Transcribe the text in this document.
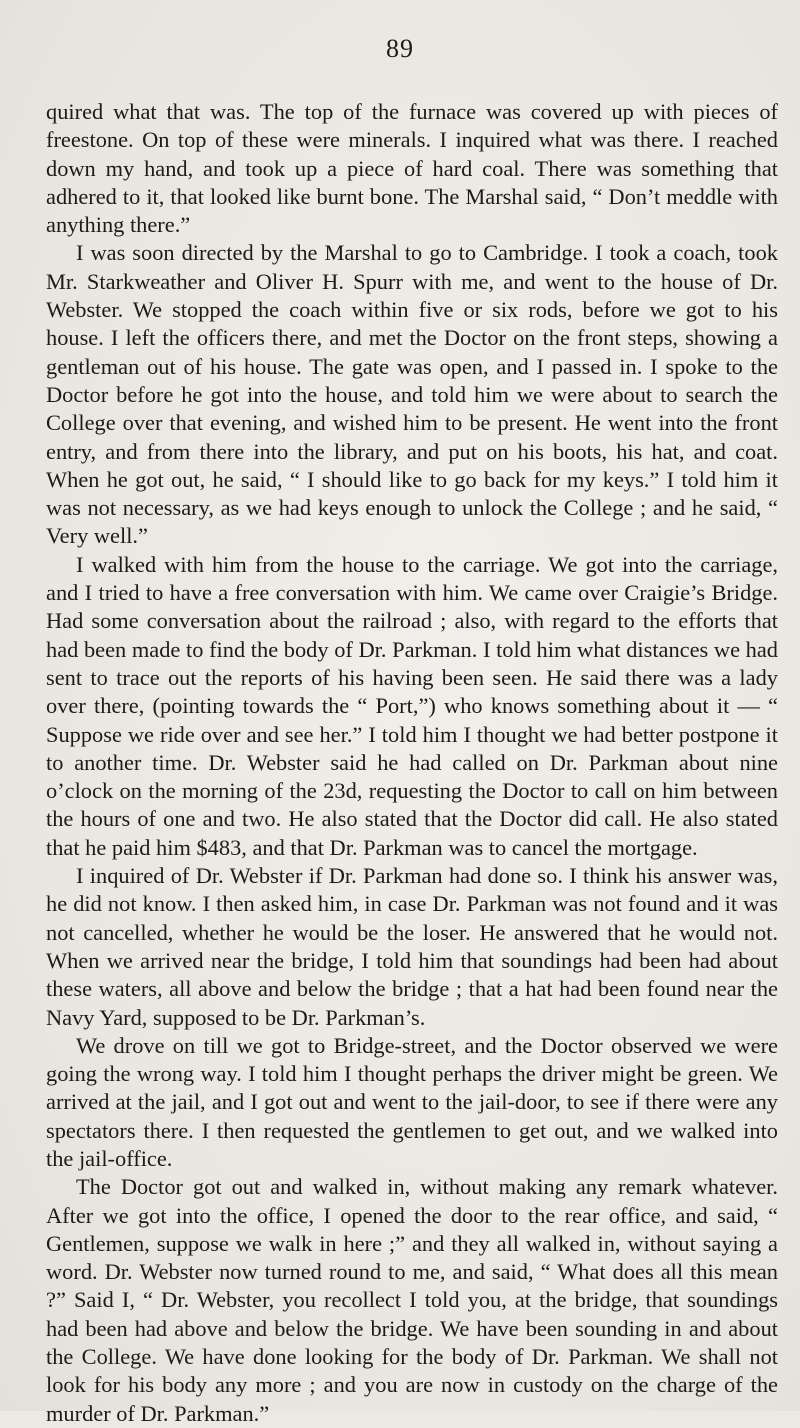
89

quired what that was. The top of the furnace was covered up with pieces of freestone. On top of these were minerals. I inquired what was there. I reached down my hand, and took up a piece of hard coal. There was something that adhered to it, that looked like burnt bone. The Marshal said, “ Don’t meddle with anything there.”

I was soon directed by the Marshal to go to Cambridge. I took a coach, took Mr. Starkweather and Oliver H. Spurr with me, and went to the house of Dr. Webster. We stopped the coach within five or six rods, before we got to his house. I left the officers there, and met the Doctor on the front steps, showing a gentleman out of his house. The gate was open, and I passed in. I spoke to the Doctor before he got into the house, and told him we were about to search the College over that evening, and wished him to be present. He went into the front entry, and from there into the library, and put on his boots, his hat, and coat. When he got out, he said, “ I should like to go back for my keys.” I told him it was not necessary, as we had keys enough to unlock the College ; and he said, “ Very well.”

I walked with him from the house to the carriage. We got into the carriage, and I tried to have a free conversation with him. We came over Craigie’s Bridge. Had some conversation about the railroad ; also, with regard to the efforts that had been made to find the body of Dr. Parkman. I told him what distances we had sent to trace out the reports of his having been seen. He said there was a lady over there, (pointing towards the “ Port,”) who knows something about it — “ Suppose we ride over and see her.” I told him I thought we had better postpone it to another time. Dr. Webster said he had called on Dr. Parkman about nine o’clock on the morning of the 23d, requesting the Doctor to call on him between the hours of one and two. He also stated that the Doctor did call. He also stated that he paid him $483, and that Dr. Parkman was to cancel the mortgage.

I inquired of Dr. Webster if Dr. Parkman had done so. I think his answer was, he did not know. I then asked him, in case Dr. Parkman was not found and it was not cancelled, whether he would be the loser. He answered that he would not. When we arrived near the bridge, I told him that soundings had been had about these waters, all above and below the bridge ; that a hat had been found near the Navy Yard, supposed to be Dr. Parkman’s.

We drove on till we got to Bridge-street, and the Doctor observed we were going the wrong way. I told him I thought perhaps the driver might be green. We arrived at the jail, and I got out and went to the jail-door, to see if there were any spectators there. I then requested the gentlemen to get out, and we walked into the jail-office.

The Doctor got out and walked in, without making any remark whatever. After we got into the office, I opened the door to the rear office, and said, “ Gentlemen, suppose we walk in here ;” and they all walked in, without saying a word. Dr. Webster now turned round to me, and said, “ What does all this mean ?” Said I, “ Dr. Webster, you recollect I told you, at the bridge, that soundings had been had above and below the bridge. We have been sounding in and about the College. We have done looking for the body of Dr. Parkman. We shall not look for his body any more ; and you are now in custody on the charge of the murder of Dr. Parkman.”
